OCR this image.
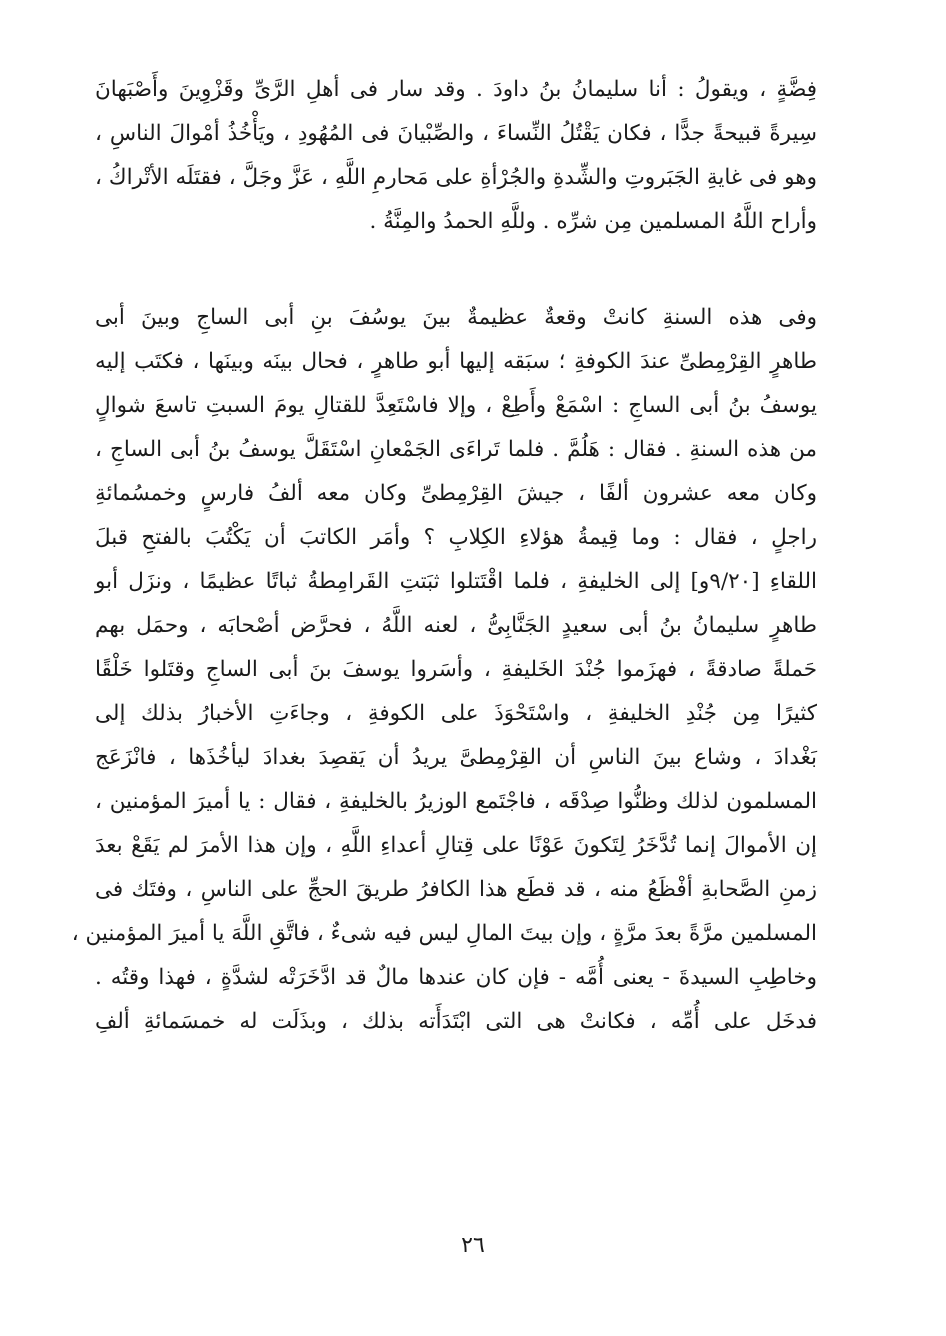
فِضَّةٍ ، ويقولُ : أنا سليمانُ بنُ داودَ . وقد سار فى أهلِ الرَّىِّ وقَزْوِينَ وأَصْبَهانَ
سِيرةً قبيحةً جدًّا ، فكان يَقْتُلُ النِّساءَ ، والصِّبْيانَ فى المُهُودِ ، ويَأْخُذُ أمْوالَ الناسِ ،
وهو فى غايةِ الجَبَروتِ والشِّدةِ والجُرْأةِ على مَحارمِ اللَّهِ ، عَزَّ وجَلَّ ، فقتَلَه الأتْراكُ ،
وأراح اللَّهُ المسلمين مِن شرِّه . وللَّهِ الحمدُ والمِنَّةُ .
وفى هذه السنةِ كانتْ وقعةٌ عظيمةٌ بينَ يوسُفَ بنِ أبى الساجِ وبينَ أبى
طاهرٍ القِرْمِطىِّ عندَ الكوفةِ ؛ سبَقه إليها أبو طاهرٍ ، فحال بينَه وبينَها ، فكتَب إليه
يوسفُ بنُ أبى الساجِ : اسْمَعْ وأَطِعْ ، وإلا فاسْتَعِدَّ للقتالِ يومَ السبتِ تاسعَ شوالٍ
من هذه السنةِ . فقال : هَلُمَّ . فلما تَراءَى الجَمْعانِ اسْتَقَلَّ يوسفُ بنُ أبى الساجِ ،
وكان معه عشرون ألفًا ، جيشَ القِرْمِطىِّ وكان معه ألفُ فارسٍ وخمسُمائةِ
راجلٍ ، فقال : وما قِيمةُ هؤلاءِ الكِلابِ ؟ وأمَر الكاتبَ أن يَكْتُبَ بالفتحِ قبلَ
اللقاءِ [٩/٢٠و] إلى الخليفةِ ، فلما اقْتَتلوا ثبَتتِ القَرامِطةُ ثباتًا عظيمًا ، ونزَل أبو
طاهرٍ سليمانُ بنُ أبى سعيدٍ الجَنَّابِىُّ ، لعنه اللَّهُ ، فحرَّض أصْحابَه ، وحمَل بهم
حَملةً صادقةً ، فهزَموا جُنْدَ الخَليفةِ ، وأسَروا يوسفَ بنَ أبى الساجِ وقتَلوا خَلْقًا
كثيرًا مِن جُنْدِ الخليفةِ ، واسْتَحْوَذَ على الكوفةِ ، وجاءَتِ الأخبارُ بذلك إلى
بَغْدادَ ، وشاع بينَ الناسِ أن القِرْمِطىَّ يريدُ أن يَقصِدَ بغدادَ ليأخُذَها ، فانْزَعَج
المسلمون لذلك وظنُّوا صِدْقَه ، فاجْتَمع الوزيرُ بالخليفةِ ، فقال : يا أميرَ المؤمنين ،
إن الأموالَ إنما تُدَّخَرُ لِتَكونَ عَوْنًا على قِتالِ أعداءِ اللَّهِ ، وإن هذا الأمرَ لم يَقَعْ بعدَ
زمنِ الصَّحابةِ أفْظَعُ منه ، قد قطَع هذا الكافرُ طريقَ الحجِّ على الناسِ ، وفتَك فى
المسلمين مرَّةً بعدَ مرَّةٍ ، وإن بيتَ المالِ ليس فيه شىءٌ ، فاتَّقِ اللَّهَ يا أميرَ المؤمنين ،
وخاطِبِ السيدةَ - يعنى أُمَّه - فإن كان عندها مالٌ قد ادَّخَرَتْه لشدَّةٍ ، فهذا وقتُه .
فدخَل على أُمِّه ، فكانتْ هى التى ابْتَدَأَته بذلك ، وبذَلَت له خمسَمائةِ ألفِ
٢٦
